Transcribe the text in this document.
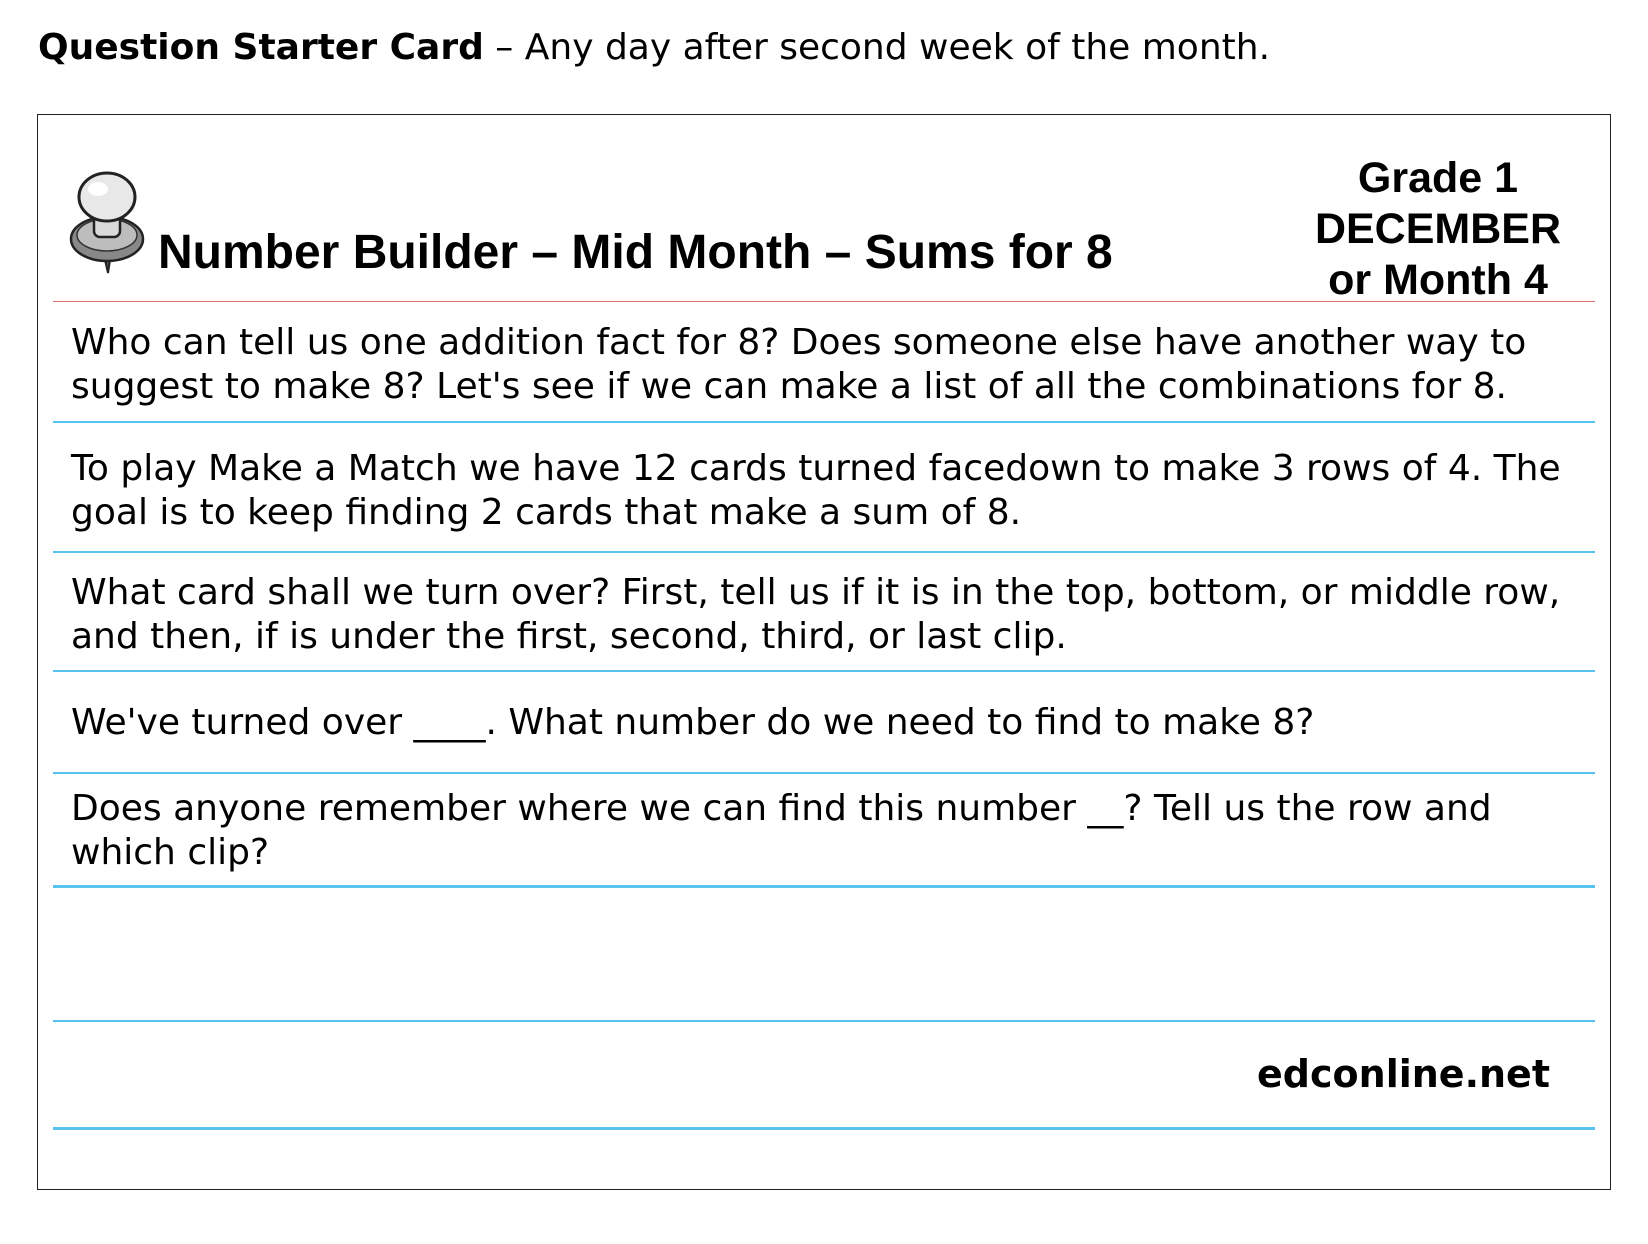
Question Starter Card – Any day after second week of the month.
Number Builder – Mid Month – Sums for 8
Grade 1
DECEMBER
or Month 4
Who can tell us one addition fact for 8? Does someone else have another way to suggest to make 8? Let's see if we can make a list of all the combinations for 8.
To play Make a Match we have 12 cards turned facedown to make 3 rows of 4. The goal is to keep finding 2 cards that make a sum of 8.
What card shall we turn over? First, tell us if it is in the top, bottom, or middle row, and then, if is under the first, second, third, or last clip.
We've turned over ____. What number do we need to find to make 8?
Does anyone remember where we can find this number __? Tell us the row and which clip?
edconline.net
